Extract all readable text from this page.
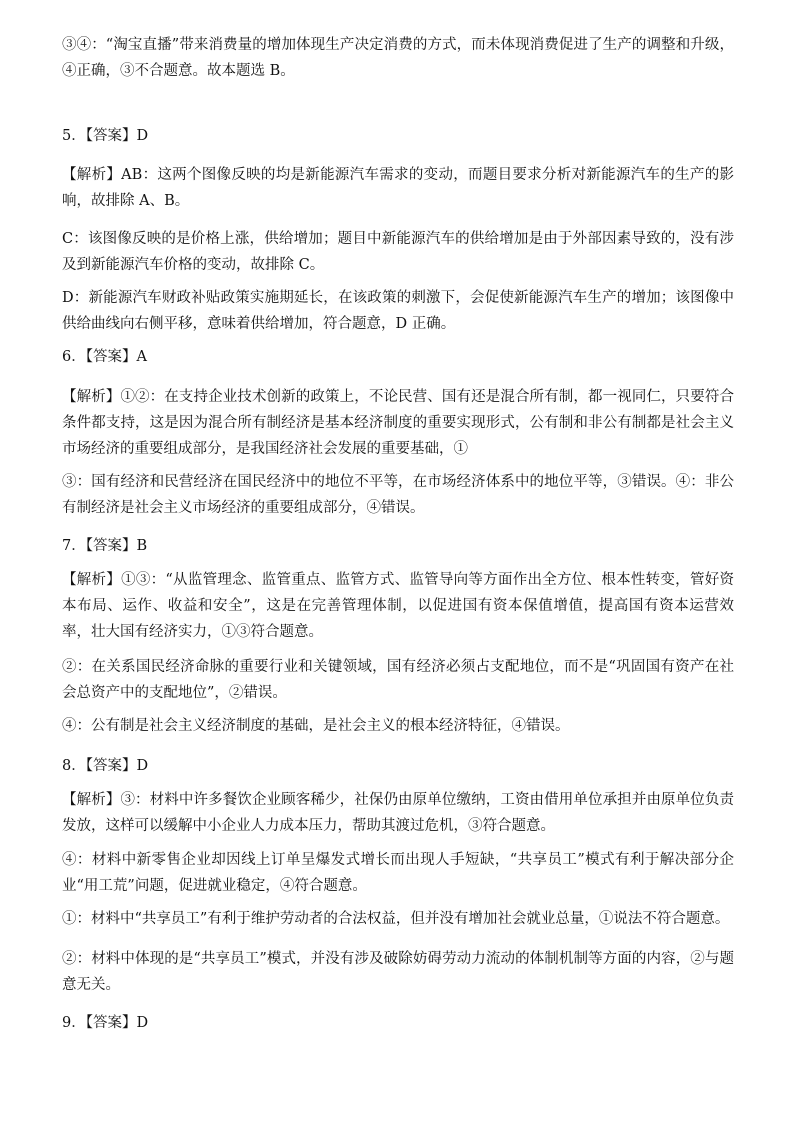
③④：“淘宝直播”带来消费量的增加体现生产决定消费的方式，而未体现消费促进了生产的调整和升级，④正确，③不合题意。故本题选 B。

5．【答案】D

【解析】AB：这两个图像反映的均是新能源汽车需求的变动，而题目要求分析对新能源汽车的生产的影响，故排除 A、B。

C：该图像反映的是价格上涨，供给增加；题目中新能源汽车的供给增加是由于外部因素导致的，没有涉及到新能源汽车价格的变动，故排除 C。

D：新能源汽车财政补贴政策实施期延长，在该政策的刺激下，会促使新能源汽车生产的增加；该图像中供给曲线向右侧平移，意味着供给增加，符合题意，D 正确。

6．【答案】A

【解析】①②：在支持企业技术创新的政策上，不论民营、国有还是混合所有制，都一视同仁，只要符合条件都支持，这是因为混合所有制经济是基本经济制度的重要实现形式，公有制和非公有制都是社会主义市场经济的重要组成部分，是我国经济社会发展的重要基础，①

③：国有经济和民营经济在国民经济中的地位不平等，在市场经济体系中的地位平等，③错误。④：非公有制经济是社会主义市场经济的重要组成部分，④错误。

7．【答案】B

【解析】①③：“从监管理念、监管重点、监管方式、监管导向等方面作出全方位、根本性转变，管好资本布局、运作、收益和安全”，这是在完善管理体制，以促进国有资本保值增值，提高国有资本运营效率，壮大国有经济实力，①③符合题意。

②：在关系国民经济命脉的重要行业和关键领域，国有经济必须占支配地位，而不是“巩固国有资产在社会总资产中的支配地位”，②错误。

④：公有制是社会主义经济制度的基础，是社会主义的根本经济特征，④错误。

8．【答案】D

【解析】③：材料中许多餐饮企业顾客稀少，社保仍由原单位缴纳，工资由借用单位承担并由原单位负责发放，这样可以缓解中小企业人力成本压力，帮助其渡过危机，③符合题意。

④：材料中新零售企业却因线上订单呈爆发式增长而出现人手短缺，“共享员工”模式有利于解决部分企业“用工荒”问题，促进就业稳定，④符合题意。

①：材料中“共享员工”有利于维护劳动者的合法权益，但并没有增加社会就业总量，①说法不符合题意。

②：材料中体现的是“共享员工”模式，并没有涉及破除妨碍劳动力流动的体制机制等方面的内容，②与题意无关。

9．【答案】D
